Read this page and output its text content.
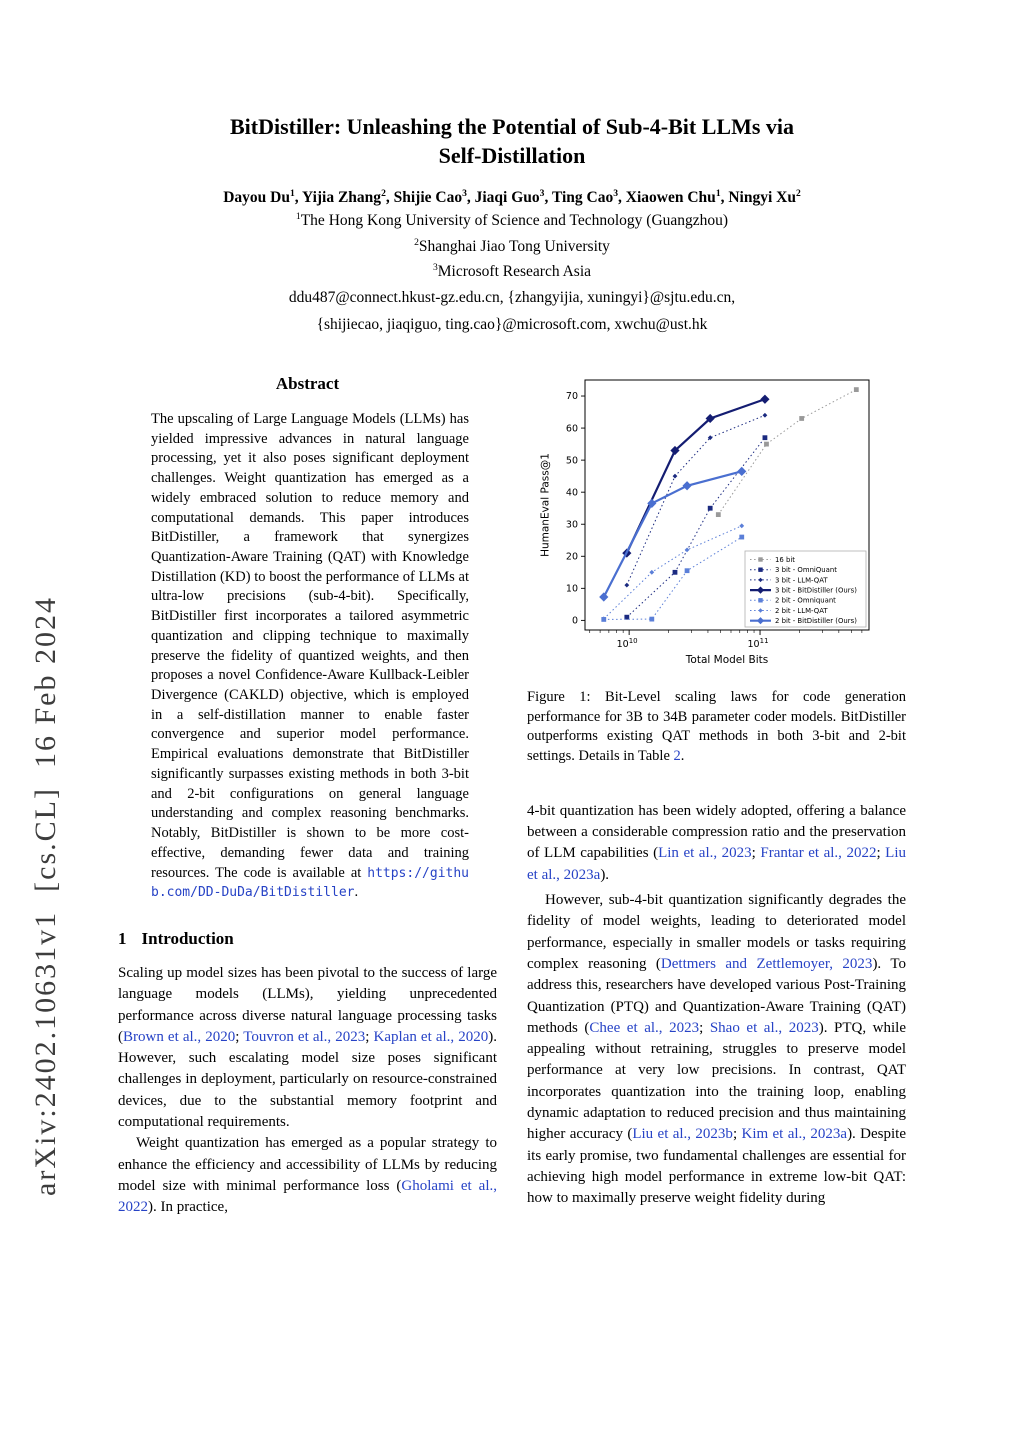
arXiv:2402.10631v1  [cs.CL]  16 Feb 2024
BitDistiller: Unleashing the Potential of Sub-4-Bit LLMs via
Self-Distillation
Dayou Du$^1$, Yijia Zhang$^2$, Shijie Cao$^3$, Jiaqi Guo$^3$, Ting Cao$^3$, Xiaowen Chu$^1$, Ningyi Xu$^2$
$^1$The Hong Kong University of Science and Technology (Guangzhou)
$^2$Shanghai Jiao Tong University
$^3$Microsoft Research Asia
ddu487@connect.hkust-gz.edu.cn, {zhangyijia, xuningyi}@sjtu.edu.cn,
{shijiecao, jiaqiguo, ting.cao}@microsoft.com, xwchu@ust.hk
Abstract
The upscaling of Large Language Models (LLMs) has yielded impressive advances in natural language processing, yet it also poses significant deployment challenges. Weight quantization has emerged as a widely embraced solution to reduce memory and computational demands. This paper introduces BitDistiller, a framework that synergizes Quantization-Aware Training (QAT) with Knowledge Distillation (KD) to boost the performance of LLMs at ultra-low precisions (sub-4-bit). Specifically, BitDistiller first incorporates a tailored asymmetric quantization and clipping technique to maximally preserve the fidelity of quantized weights, and then proposes a novel Confidence-Aware Kullback-Leibler Divergence (CAKLD) objective, which is employed in a self-distillation manner to enable faster convergence and superior model performance. Empirical evaluations demonstrate that BitDistiller significantly surpasses existing methods in both 3-bit and 2-bit configurations on general language understanding and complex reasoning benchmarks. Notably, BitDistiller is shown to be more cost-effective, demanding fewer data and training resources. The code is available at https://github.com/DD-DuDa/BitDistiller.
1 Introduction

Scaling up model sizes has been pivotal to the success of large language models (LLMs), yielding unprecedented performance across diverse natural language processing tasks (Brown et al., 2020; Touvron et al., 2023; Kaplan et al., 2020). However, such escalating model size poses significant challenges in deployment, particularly on resource-constrained devices, due to the substantial memory footprint and computational requirements.

Weight quantization has emerged as a popular strategy to enhance the efficiency and accessibility of LLMs by reducing model size with minimal performance loss (Gholami et al., 2022). In practice,

0
10
20
30
40
50
60
70
$10^{10}$	$10^{11}$
Total Model Bits
HumanEval Pass@1
16 bit
3 bit - OmniQuant
3 bit - LLM-QAT
3 bit - BitDistiller (Ours)
2 bit - Omniquant
2 bit - LLM-QAT
2 bit - BitDistiller (Ours)
Figure 1: Bit-Level scaling laws for code generation performance for 3B to 34B parameter coder models. BitDistiller outperforms existing QAT methods in both 3-bit and 2-bit settings. Details in Table 2.

4-bit quantization has been widely adopted, offering a balance between a considerable compression ratio and the preservation of LLM capabilities (Lin et al., 2023; Frantar et al., 2022; Liu et al., 2023a).

However, sub-4-bit quantization significantly degrades the fidelity of model weights, leading to deteriorated model performance, especially in smaller models or tasks requiring complex reasoning (Dettmers and Zettlemoyer, 2023). To address this, researchers have developed various Post-Training Quantization (PTQ) and Quantization-Aware Training (QAT) methods (Chee et al., 2023; Shao et al., 2023). PTQ, while appealing without retraining, struggles to preserve model performance at very low precisions. In contrast, QAT incorporates quantization into the training loop, enabling dynamic adaptation to reduced precision and thus maintaining higher accuracy (Liu et al., 2023b; Kim et al., 2023a). Despite its early promise, two fundamental challenges are essential for achieving high model performance in extreme low-bit QAT: how to maximally preserve weight fidelity during
